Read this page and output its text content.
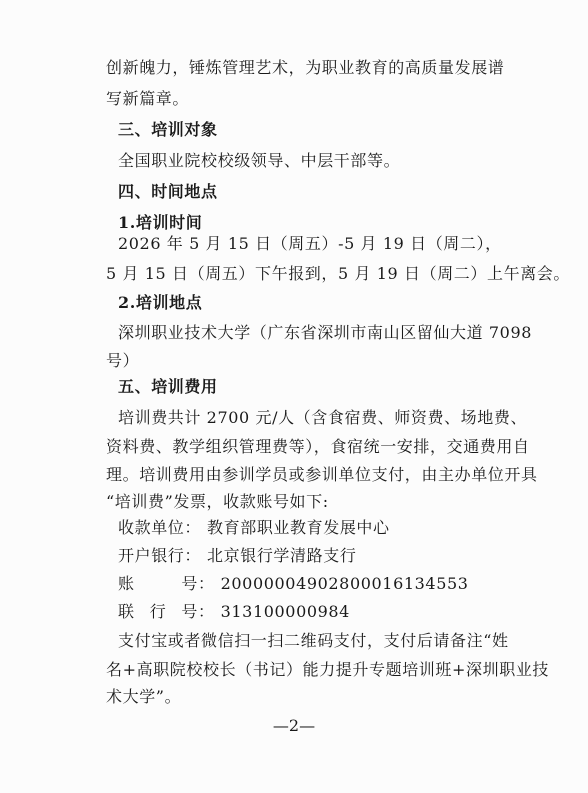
创新魄力，锤炼管理艺术，为职业教育的高质量发展谱
写新篇章。
三、培训对象
全国职业院校校级领导、中层干部等。
四、时间地点
1.培训时间
2026 年 5 月 15 日（周五）-5 月 19 日（周二），
5 月 15 日（周五）下午报到，5 月 19 日（周二）上午离会。
2.培训地点
深圳职业技术大学（广东省深圳市南山区留仙大道 7098
号）
五、培训费用
培训费共计 2700 元/人（含食宿费、师资费、场地费、
资料费、教学组织管理费等），食宿统一安排，交通费用自
理。培训费用由参训学员或参训单位支付，由主办单位开具
“培训费”发票，收款账号如下:
收款单位 ： 教育部职业教育发展中心
开户银行 ： 北京银行学清路支行
账号 ： 20000004902800016134553
联行号 ： 313100000984
支付宝或者微信扫一扫二维码支付，支付后请备注“姓
名+高职院校校长（书记）能力提升专题培训班+深圳职业技
术大学”。
—2—
